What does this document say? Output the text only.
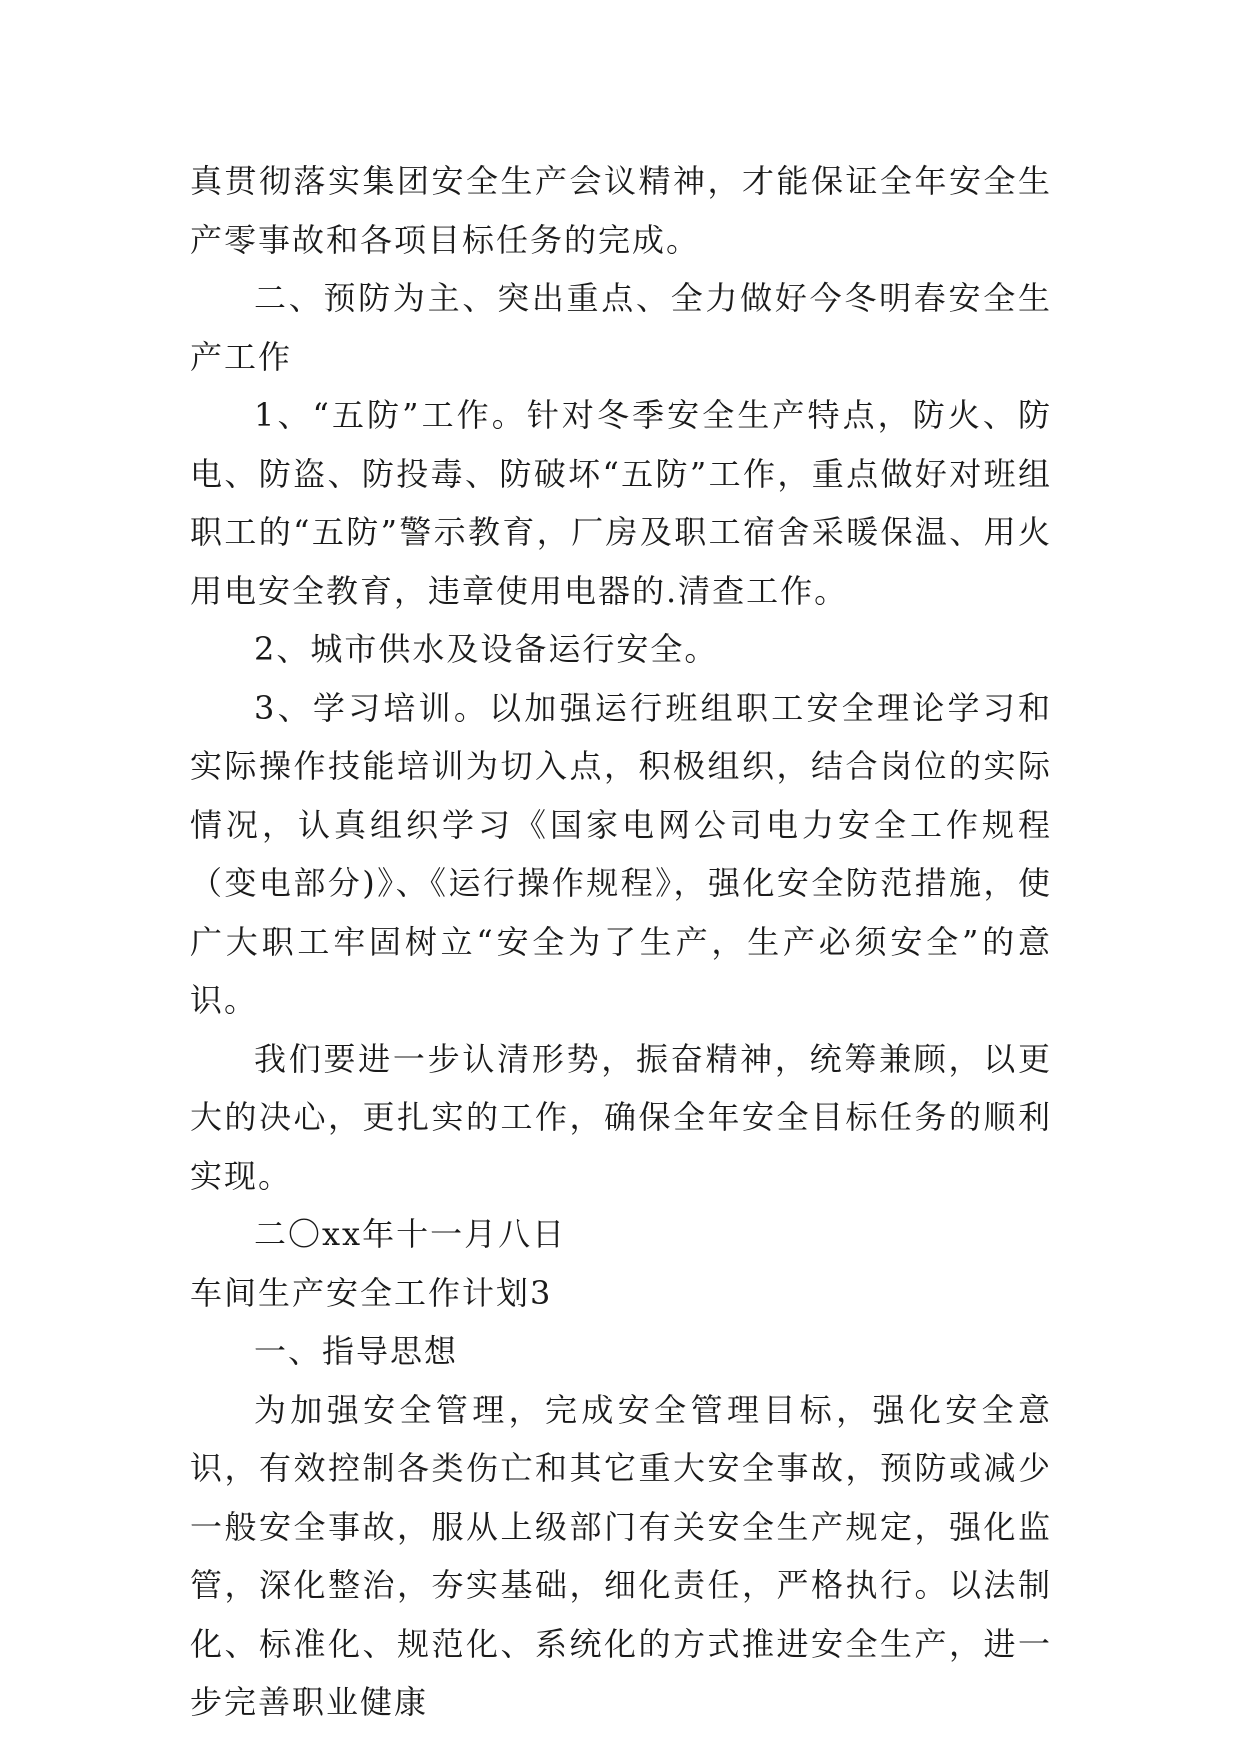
真贯彻落实集团安全生产会议精神，才能保证全年安全生产零事故和各项目标任务的完成。

二、预防为主、突出重点、全力做好今冬明春安全生产工作

1、“五防”工作。针对冬季安全生产特点，防火、防电、防盗、防投毒、防破坏“五防”工作，重点做好对班组职工的“五防”警示教育，厂房及职工宿舍采暖保温、用火用电安全教育，违章使用电器的.清查工作。

2、城市供水及设备运行安全。

3、学习培训。以加强运行班组职工安全理论学习和实际操作技能培训为切入点，积极组织，结合岗位的实际情况，认真组织学习《国家电网公司电力安全工作规程（变电部分)》、《运行操作规程》，强化安全防范措施，使广大职工牢固树立“安全为了生产，生产必须安全”的意识。

我们要进一步认清形势，振奋精神，统筹兼顾，以更大的决心，更扎实的工作，确保全年安全目标任务的顺利实现。

二〇xx年十一月八日

车间生产安全工作计划3

一、指导思想

为加强安全管理，完成安全管理目标，强化安全意识，有效控制各类伤亡和其它重大安全事故，预防或减少一般安全事故，服从上级部门有关安全生产规定，强化监管，深化整治，夯实基础，细化责任，严格执行。以法制化、标准化、规范化、系统化的方式推进安全生产，进一步完善职业健康
